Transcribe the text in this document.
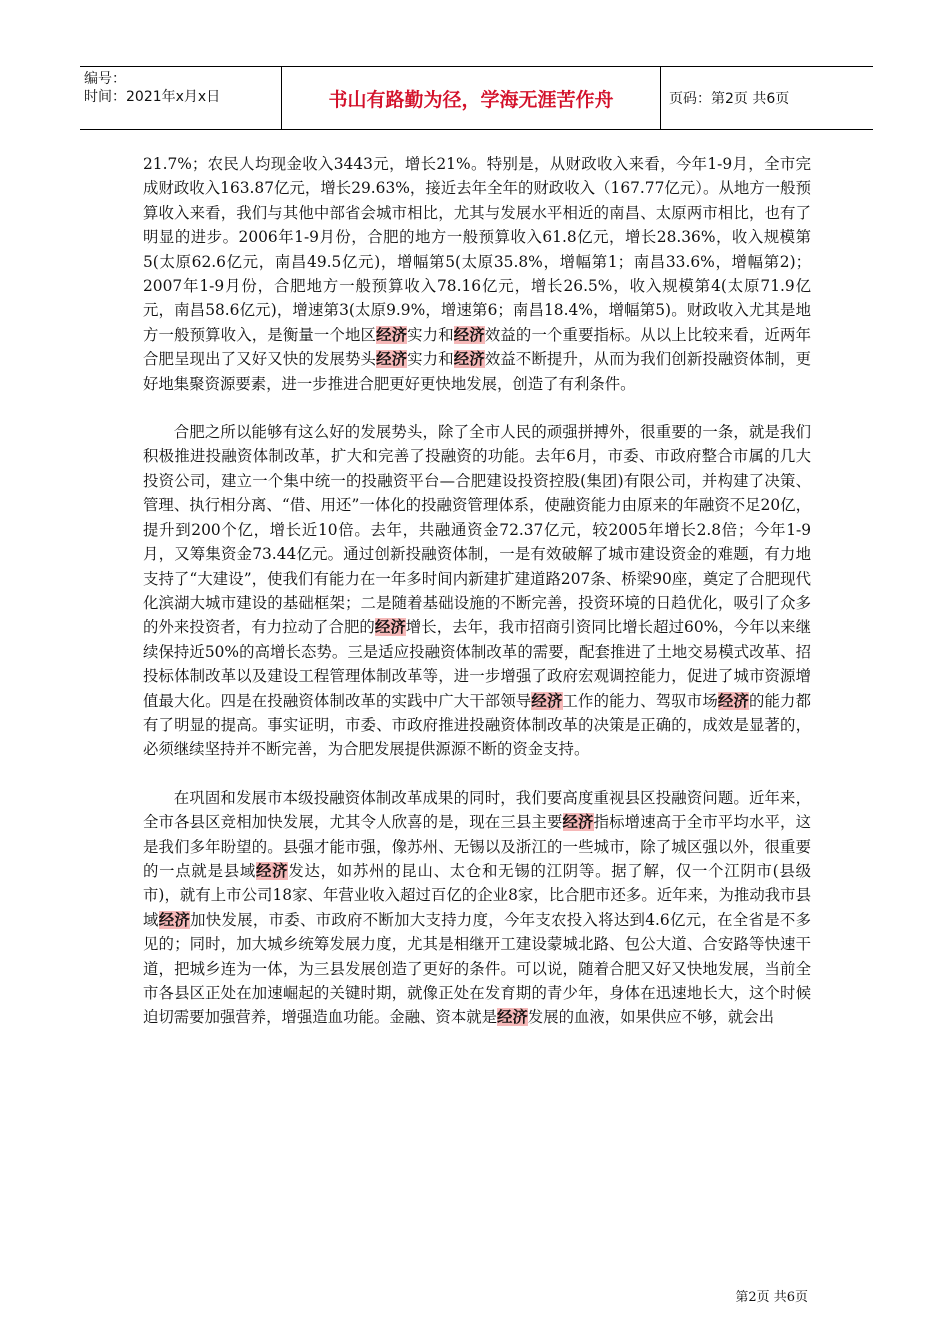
编号：
时间：2021年x月x日	书山有路勤为径，学海无涯苦作舟	页码：第2页 共6页

21.7%；农民人均现金收入3443元，增长21%。特别是，从财政收入来看，今年1-9月，全市完成财政收入163.87亿元，增长29.63%，接近去年全年的财政收入（167.77亿元）。从地方一般预算收入来看，我们与其他中部省会城市相比，尤其与发展水平相近的南昌、太原两市相比，也有了明显的进步。2006年1-9月份，合肥的地方一般预算收入61.8亿元，增长28.36%，收入规模第5(太原62.6亿元，南昌49.5亿元)，增幅第5(太原35.8%，增幅第1；南昌33.6%，增幅第2)；2007年1-9月份，合肥地方一般预算收入78.16亿元，增长26.5%，收入规模第4(太原71.9亿元，南昌58.6亿元)，增速第3(太原9.9%，增速第6；南昌18.4%，增幅第5)。财政收入尤其是地方一般预算收入，是衡量一个地区经济实力和经济效益的一个重要指标。从以上比较来看，近两年合肥呈现出了又好又快的发展势头经济实力和经济效益不断提升，从而为我们创新投融资体制，更好地集聚资源要素，进一步推进合肥更好更快地发展，创造了有利条件。

合肥之所以能够有这么好的发展势头，除了全市人民的顽强拼搏外，很重要的一条，就是我们积极推进投融资体制改革，扩大和完善了投融资的功能。去年6月，市委、市政府整合市属的几大投资公司，建立一个集中统一的投融资平台—合肥建设投资控股(集团)有限公司，并构建了决策、管理、执行相分离、“借、用还”一体化的投融资管理体系，使融资能力由原来的年融资不足20亿，提升到200个亿，增长近10倍。去年，共融通资金72.37亿元，较2005年增长2.8倍；今年1-9月，又筹集资金73.44亿元。通过创新投融资体制，一是有效破解了城市建设资金的难题，有力地支持了“大建设”，使我们有能力在一年多时间内新建扩建道路207条、桥梁90座，奠定了合肥现代化滨湖大城市建设的基础框架；二是随着基础设施的不断完善，投资环境的日趋优化，吸引了众多的外来投资者，有力拉动了合肥的经济增长，去年，我市招商引资同比增长超过60%，今年以来继续保持近50%的高增长态势。三是适应投融资体制改革的需要，配套推进了土地交易模式改革、招投标体制改革以及建设工程管理体制改革等，进一步增强了政府宏观调控能力，促进了城市资源增值最大化。四是在投融资体制改革的实践中广大干部领导经济工作的能力、驾驭市场经济的能力都有了明显的提高。事实证明，市委、市政府推进投融资体制改革的决策是正确的，成效是显著的，必须继续坚持并不断完善，为合肥发展提供源源不断的资金支持。

在巩固和发展市本级投融资体制改革成果的同时，我们要高度重视县区投融资问题。近年来，全市各县区竞相加快发展，尤其令人欣喜的是，现在三县主要经济指标增速高于全市平均水平，这是我们多年盼望的。县强才能市强，像苏州、无锡以及浙江的一些城市，除了城区强以外，很重要的一点就是县域经济发达，如苏州的昆山、太仓和无锡的江阴等。据了解，仅一个江阴市(县级市)，就有上市公司18家、年营业收入超过百亿的企业8家，比合肥市还多。近年来，为推动我市县域经济加快发展，市委、市政府不断加大支持力度，今年支农投入将达到4.6亿元，在全省是不多见的；同时，加大城乡统筹发展力度，尤其是相继开工建设蒙城北路、包公大道、合安路等快速干道，把城乡连为一体，为三县发展创造了更好的条件。可以说，随着合肥又好又快地发展，当前全市各县区正处在加速崛起的关键时期，就像正处在发育期的青少年，身体在迅速地长大，这个时候迫切需要加强营养，增强造血功能。金融、资本就是经济发展的血液，如果供应不够，就会出

第2页 共6页
